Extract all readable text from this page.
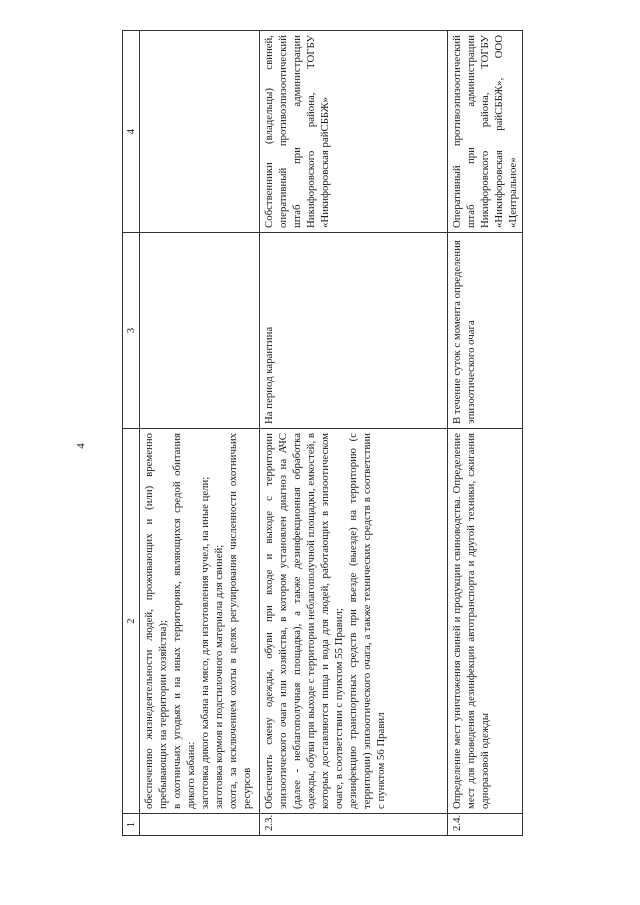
4
1	2	3	4

	обеспечению жизнедеятельности людей, проживающих и (или) временно пребывающих на территории хозяйства); в охотничьих угодьях и на иных территориях, являющихся средой обитания дикого кабана: заготовка дикого кабана на мясо, для изготовления чучел, на иные цели; заготовка кормов и подстилочного материала для свиней; охота, за исключением охоты в целях регулирования численности охотничьих ресурсов		

2.3.	Обеспечить смену одежды, обуви при входе и выходе с территории эпизоотического очага или хозяйства, в котором установлен диагноз на АЧС (далее - неблагополучная площадка), а также дезинфекционная обработка одежды, обуви при выходе с территории неблагополучной площадки, емкостей, в которых доставляются пища и вода для людей, работающих в эпизоотическом очаге, в соответствии с пунктом 55 Правил; дезинфекцию транспортных средств при въезде (выезде) на территорию (с территории) эпизоотического очага, а также технических средств в соответствии с пунктом 56 Правил	На период карантина	Собственники (владельцы) свиней, оперативный противоэпизоотический штаб при администрации Никифоровского района, ТОГБУ «Никифоровская райСББЖ»
2.4.	Определение мест уничтожения свиней и продукции свиноводства. Определение мест для проведения дезинфекции автотранспорта и другой техники, сжигания одноразовой одежды	В течение суток с момента определения эпизоотического очага	Оперативный противоэпизоотический штаб при администрации Никифоровского района, ТОГБУ «Никифоровская райСББЖ», ООО «Центральное»
